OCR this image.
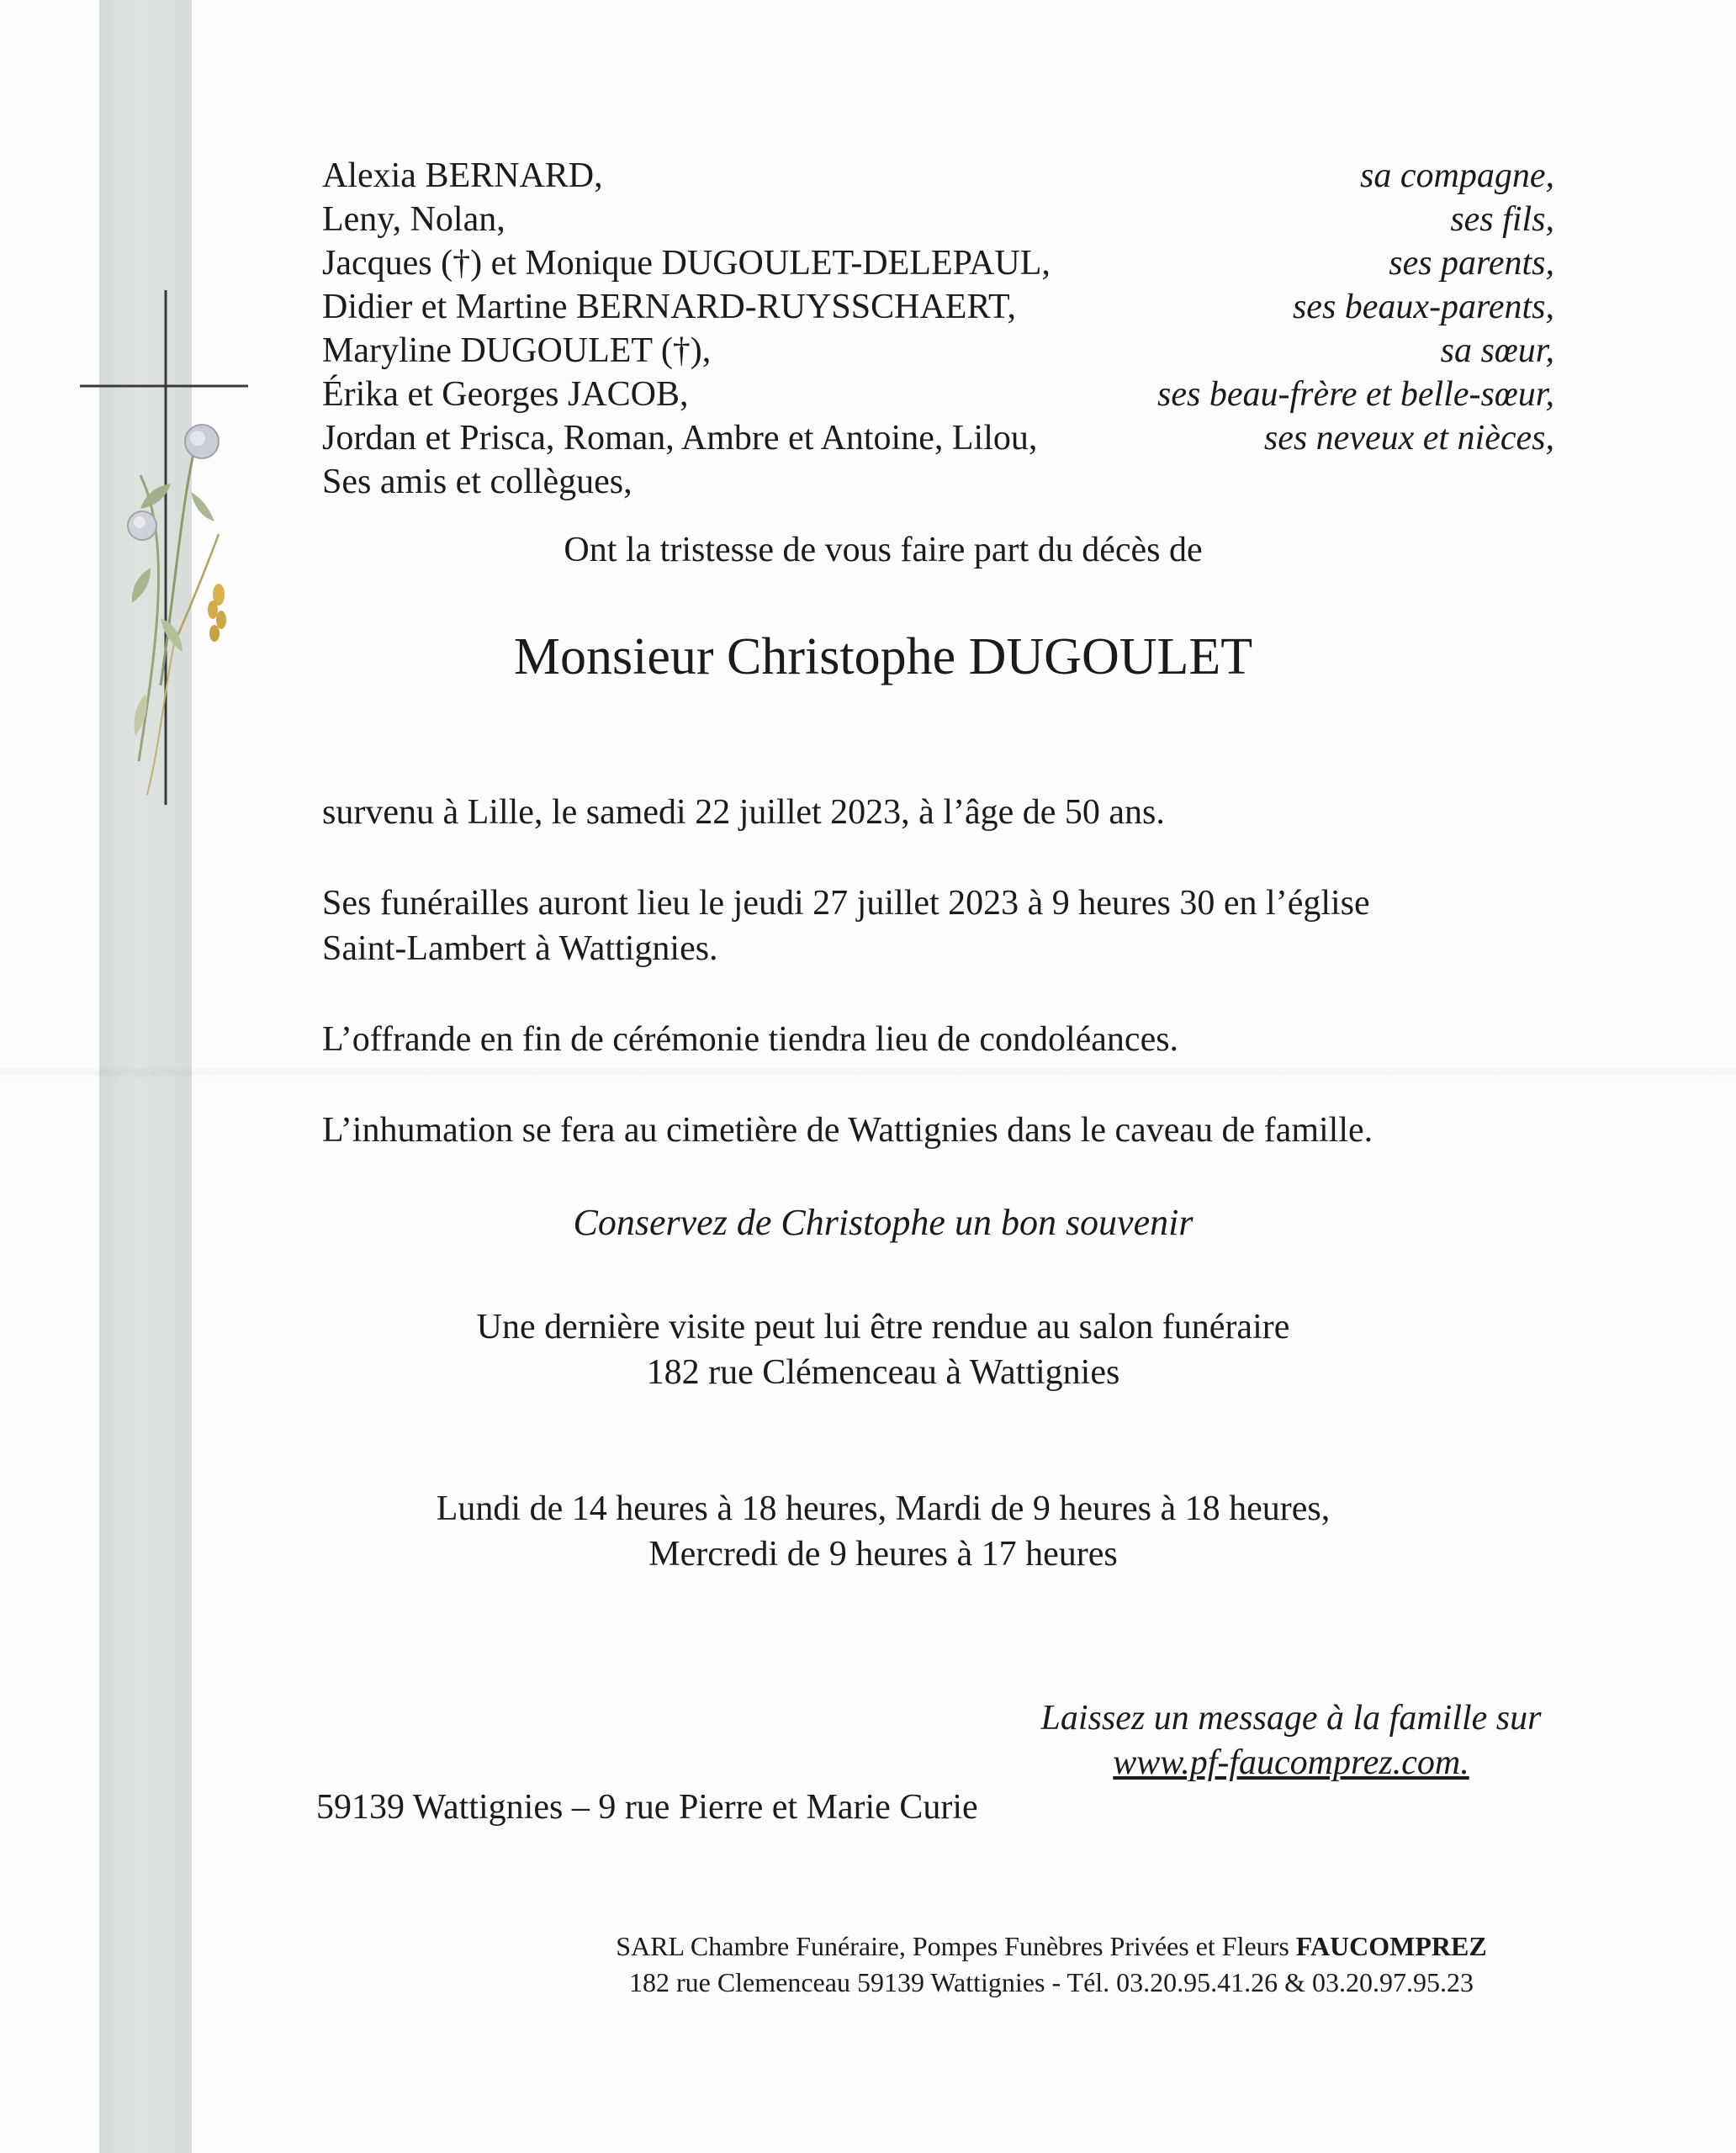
Alexia BERNARD,
Leny, Nolan,
Jacques (†) et Monique DUGOULET-DELEPAUL,
Didier et Martine BERNARD-RUYSSCHAERT,
Maryline DUGOULET (†),
Érika et Georges JACOB,
Jordan et Prisca, Roman, Ambre et Antoine, Lilou,
Ses amis et collègues,
sa compagne,
ses fils,
ses parents,
ses beaux-parents,
sa sœur,
ses beau-frère et belle-sœur,
ses neveux et nièces,
Ont la tristesse de vous faire part du décès de
Monsieur Christophe DUGOULET
survenu à Lille, le samedi 22 juillet 2023, à l’âge de 50 ans.
Ses funérailles auront lieu le jeudi 27 juillet 2023 à 9 heures 30 en l’église
Saint-Lambert à Wattignies.
L’offrande en fin de cérémonie tiendra lieu de condoléances.
L’inhumation se fera au cimetière de Wattignies dans le caveau de famille.
Conservez de Christophe un bon souvenir
Une dernière visite peut lui être rendue au salon funéraire
182 rue Clémenceau à Wattignies
Lundi de 14 heures à 18 heures, Mardi de 9 heures à 18 heures,
Mercredi de 9 heures à 17 heures
Laissez un message à la famille sur
www.pf-faucomprez.com.
59139 Wattignies – 9 rue Pierre et Marie Curie
SARL Chambre Funéraire, Pompes Funèbres Privées et Fleurs FAUCOMPREZ
182 rue Clemenceau 59139 Wattignies - Tél. 03.20.95.41.26 & 03.20.97.95.23
